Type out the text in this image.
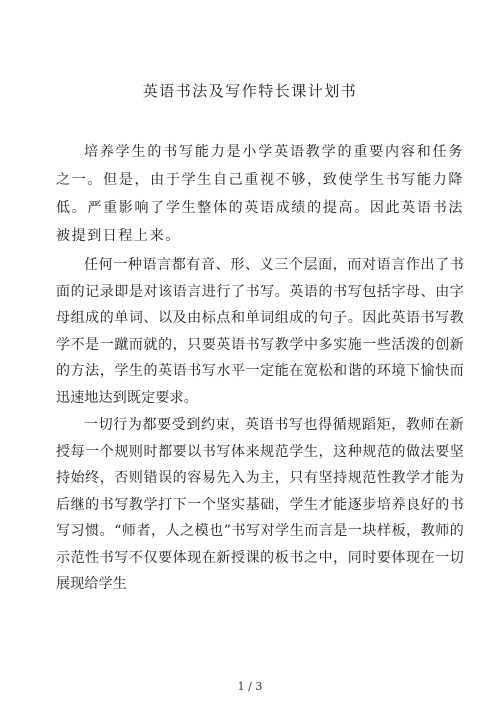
英语书法及写作特长课计划书

培养学生的书写能力是小学英语教学的重要内容和任务之一。但是，由于学生自己重视不够，致使学生书写能力降低。严重影响了学生整体的英语成绩的提高。因此英语书法被提到日程上来。

任何一种语言都有音、形、义三个层面，而对语言作出了书面的记录即是对该语言进行了书写。英语的书写包括字母、由字母组成的单词、以及由标点和单词组成的句子。因此英语书写教学不是一蹴而就的，只要英语书写教学中多实施一些活泼的创新的方法，学生的英语书写水平一定能在宽松和谐的环境下愉快而迅速地达到既定要求。

一切行为都要受到约束，英语书写也得循规蹈矩，教师在新授每一个规则时都要以书写体来规范学生，这种规范的做法要坚持始终，否则错误的容易先入为主，只有坚持规范性教学才能为后继的书写教学打下一个坚实基础，学生才能逐步培养良好的书写习惯。“师者，人之模也”书写对学生而言是一块样板，教师的示范性书写不仅要体现在新授课的板书之中，同时要体现在一切展现给学生

1 / 3
